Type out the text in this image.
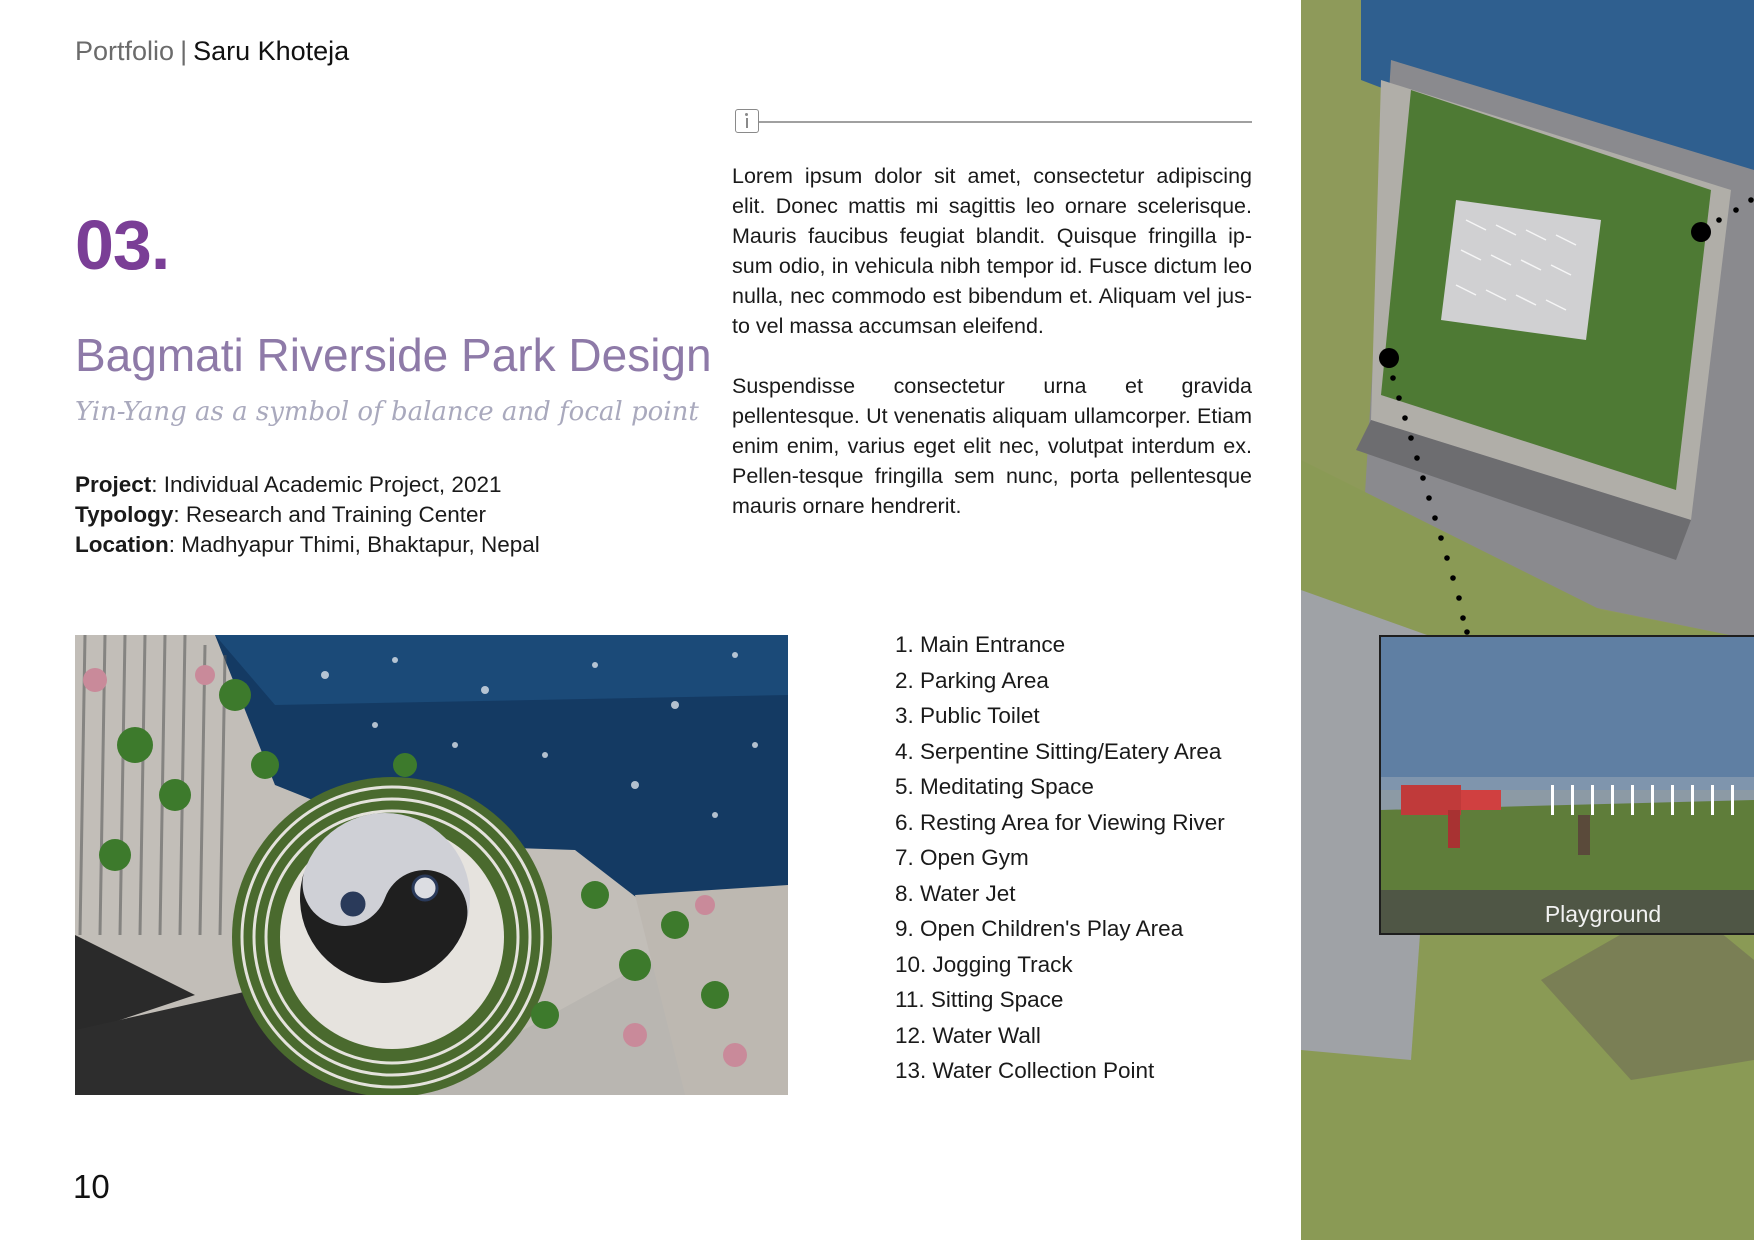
Portfolio | Saru Khoteja
03.
Bagmati Riverside Park Design
Yin-Yang as a symbol of balance and focal point
Project: Individual Academic Project, 2021
Typology: Research and Training Center
Location: Madhyapur Thimi, Bhaktapur, Nepal

Lorem ipsum dolor sit amet, consectetur adipiscing elit. Donec mattis mi sagittis leo ornare scelerisque. Mauris faucibus feugiat blandit. Quisque fringilla ip-sum odio, in vehicula nibh tempor id. Fusce dictum leo nulla, nec commodo est bibendum et. Aliquam vel jus-to vel massa accumsan eleifend.

Suspendisse consectetur urna et gravida pellentesque. Ut venenatis aliquam ullamcorper. Etiam enim enim, varius eget elit nec, volutpat interdum ex. Pellen-tesque fringilla sem nunc, porta pellentesque mauris ornare hendrerit.

1. Main Entrance
2. Parking Area
3. Public Toilet
4. Serpentine Sitting/Eatery Area
5. Meditating Space
6. Resting Area for Viewing River
7. Open Gym
8. Water Jet
9. Open Children's Play Area
10. Jogging Track
11. Sitting Space
12. Water Wall
13. Water Collection Point
10
Playground
